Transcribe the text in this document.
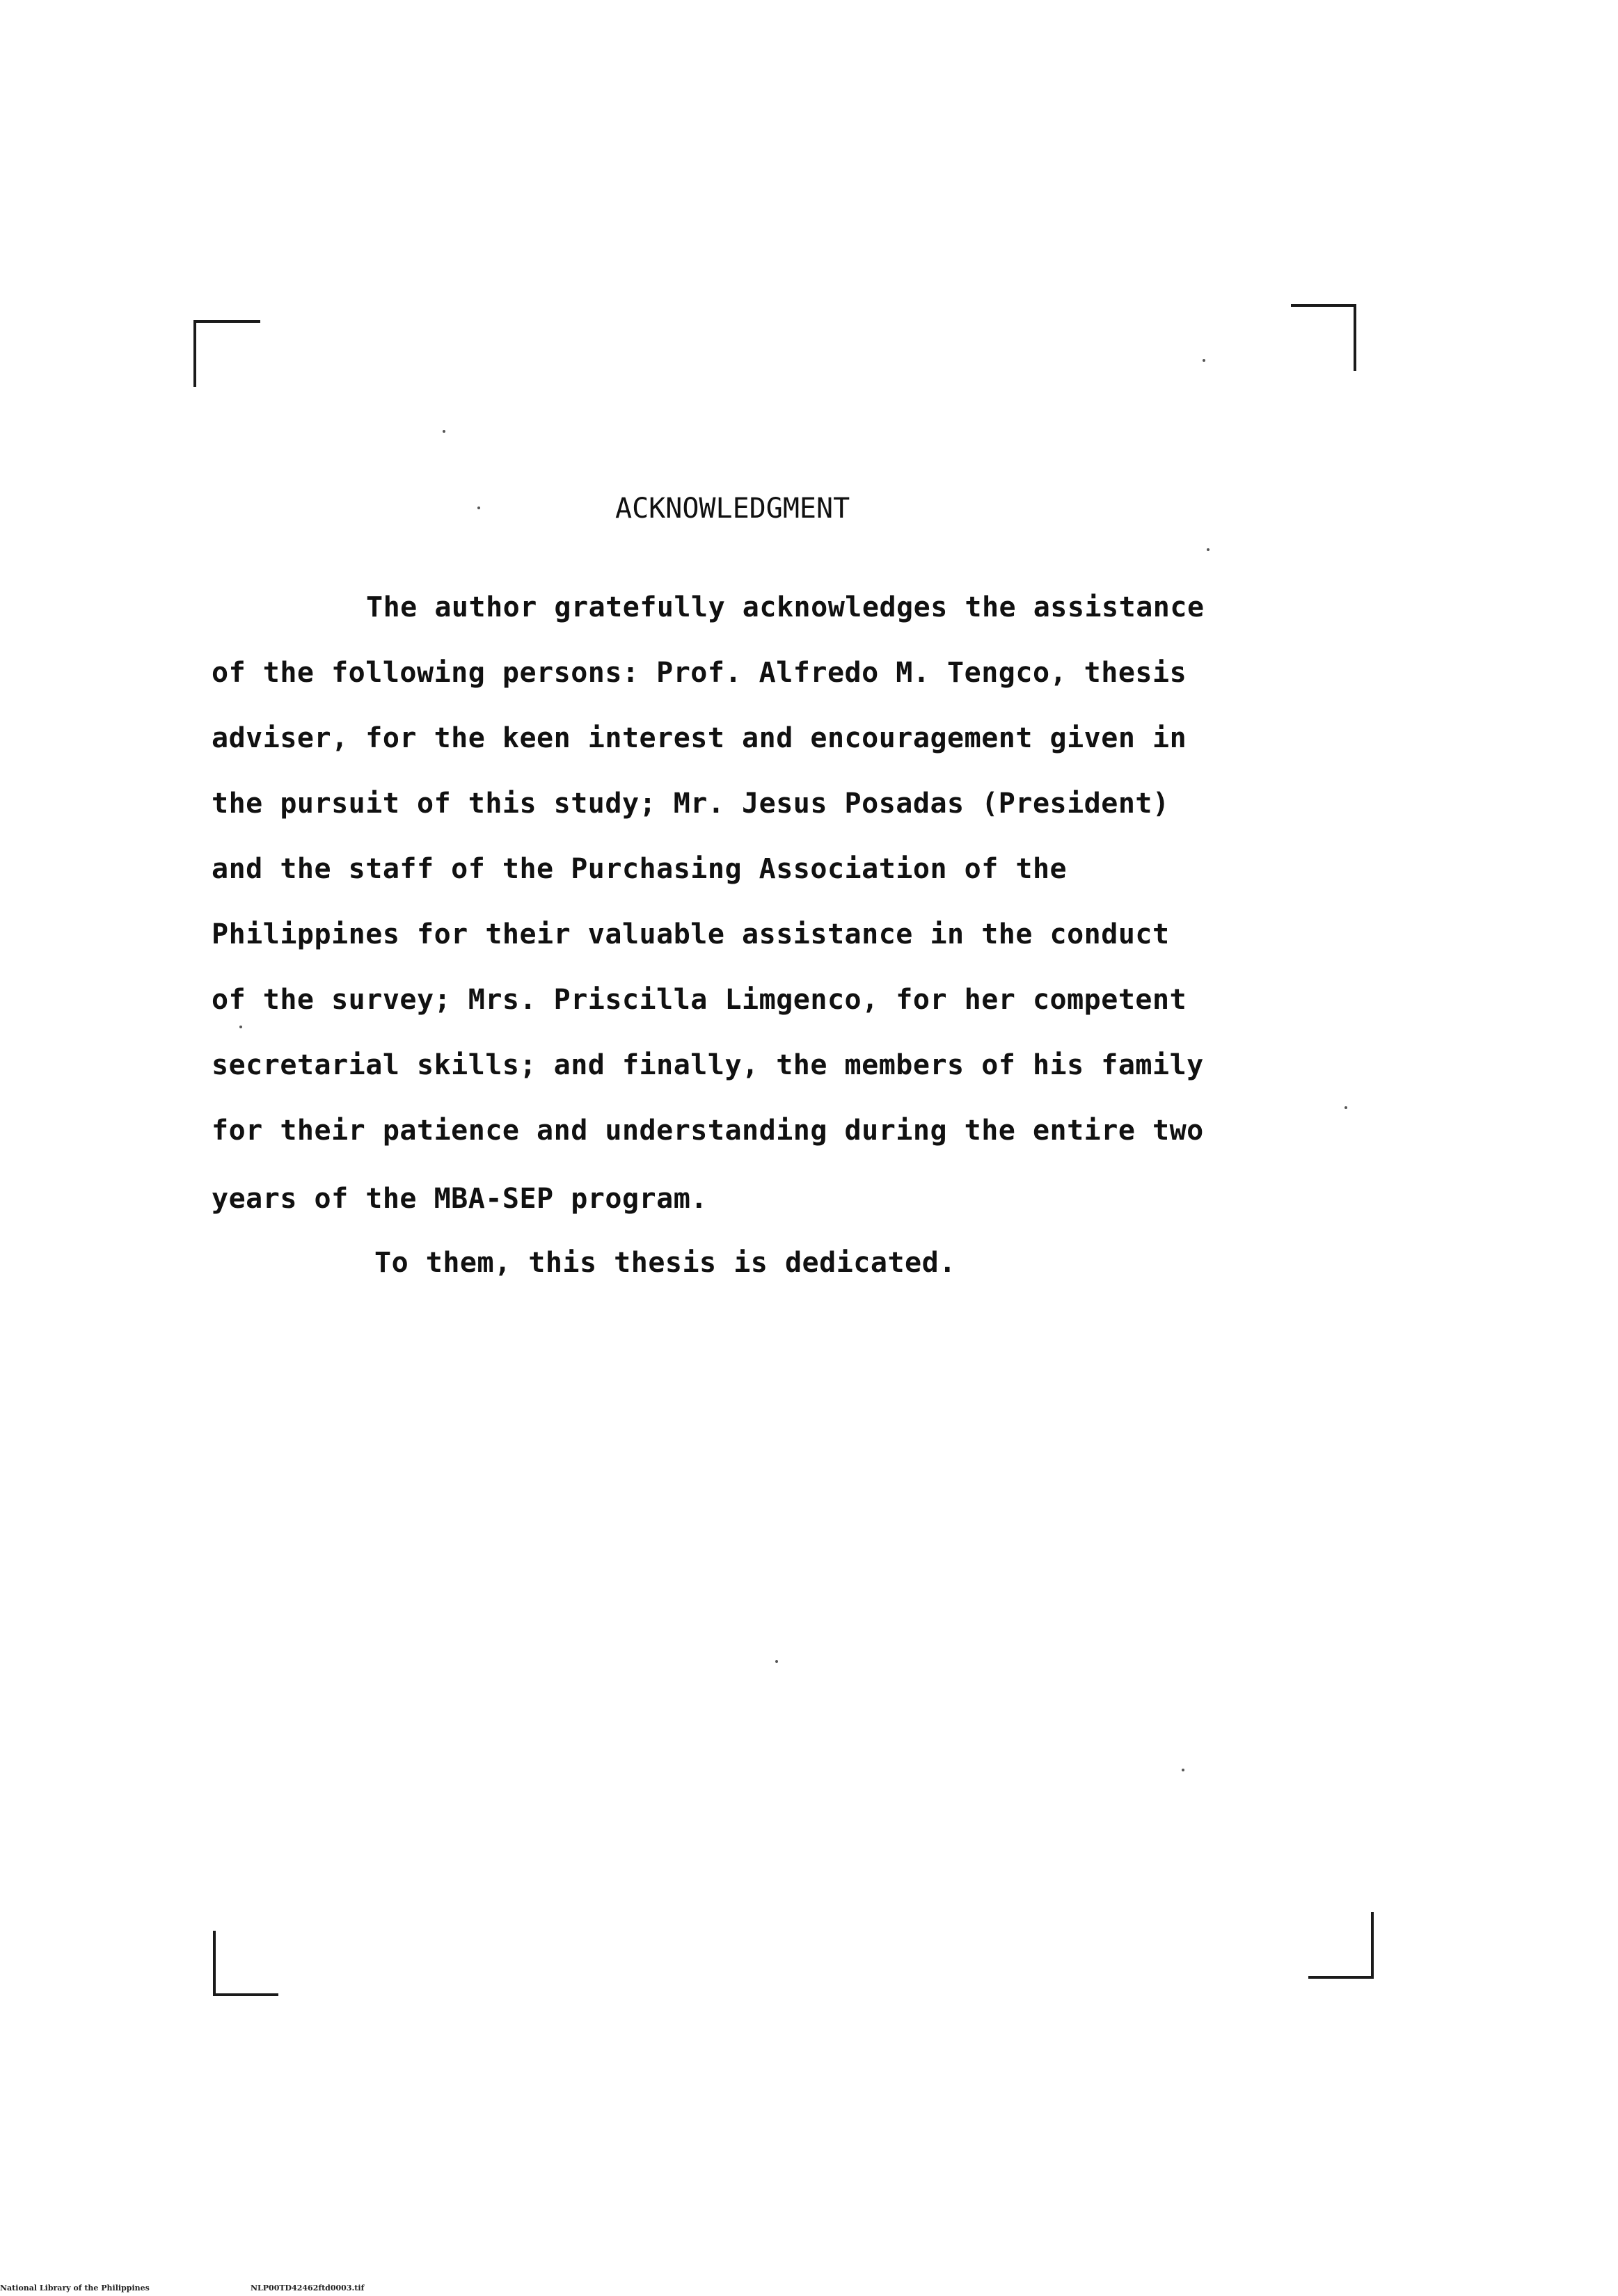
ACKNOWLEDGMENT
The author gratefully acknowledges the assistance
of the following persons: Prof. Alfredo M. Tengco, thesis
adviser, for the keen interest and encouragement given in
the pursuit of this study; Mr. Jesus Posadas (President)
and the staff of the Purchasing Association of the
Philippines for their valuable assistance in the conduct
of the survey; Mrs. Priscilla Limgenco, for her competent
secretarial skills; and finally, the members of his family
for their patience and understanding during the entire two
years of the MBA-SEP program.
To them, this thesis is dedicated.
National Library of the Philippines	NLP00TD42462ftd0003.tif
